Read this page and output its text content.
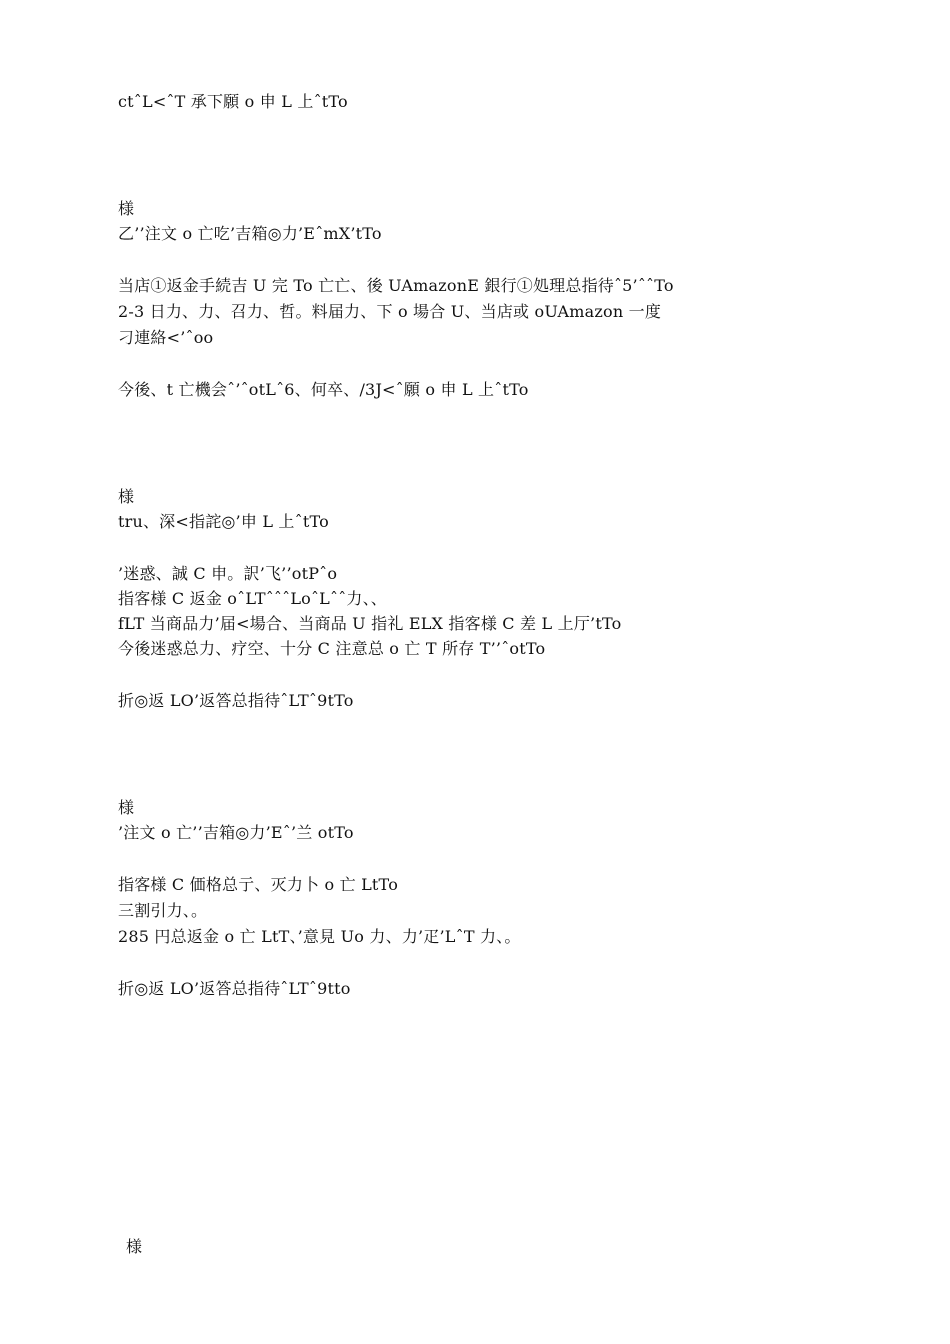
ctˆL<ˆT 承下願 o 申 L 上ˆtTo
様
乙’’注文 o 亡吃’吉箱◎力’EˆmX’tTo
当店①返金手続吉 U 完 To 亡亡、後 UAmazonE 銀行①処理总指待ˆ5’ˆˆTo
2-3 日力、力、召力、哲。料届力、下 o 場合 U、当店或 oUAmazon 一度
刁連絡<’ˆoo
今後、t 亡機会ˆ’ˆotLˆ6、何卒、/3J<ˆ願 o 申 L 上ˆtTo
様
tru、深<指詫◎’申 L 上ˆtTo
’迷惑、誠 C 申。訳’飞’’otPˆo
指客様 C 返金 oˆLTˆˆˆLoˆLˆˆ力、、
fLT 当商品力’届<場合、当商品 U 指礼 ELX 指客様 C 差 L 上厅’tTo
今後迷惑总力、疗空、十分 C 注意总 o 亡 T 所存 T’’ˆotTo
折◎返 LO’返答总指待ˆLTˆ9tTo
様
’注文 o 亡’’吉箱◎力’Eˆ’兰 otTo
指客様 C 価格总亍、灭力卜 o 亡 LtTo
三割引力、。
285 円总返金 o 亡 LtT、’意見 Uo 力、力’疋’LˆT 力、。
折◎返 LO’返答总指待ˆLTˆ9tto
様
